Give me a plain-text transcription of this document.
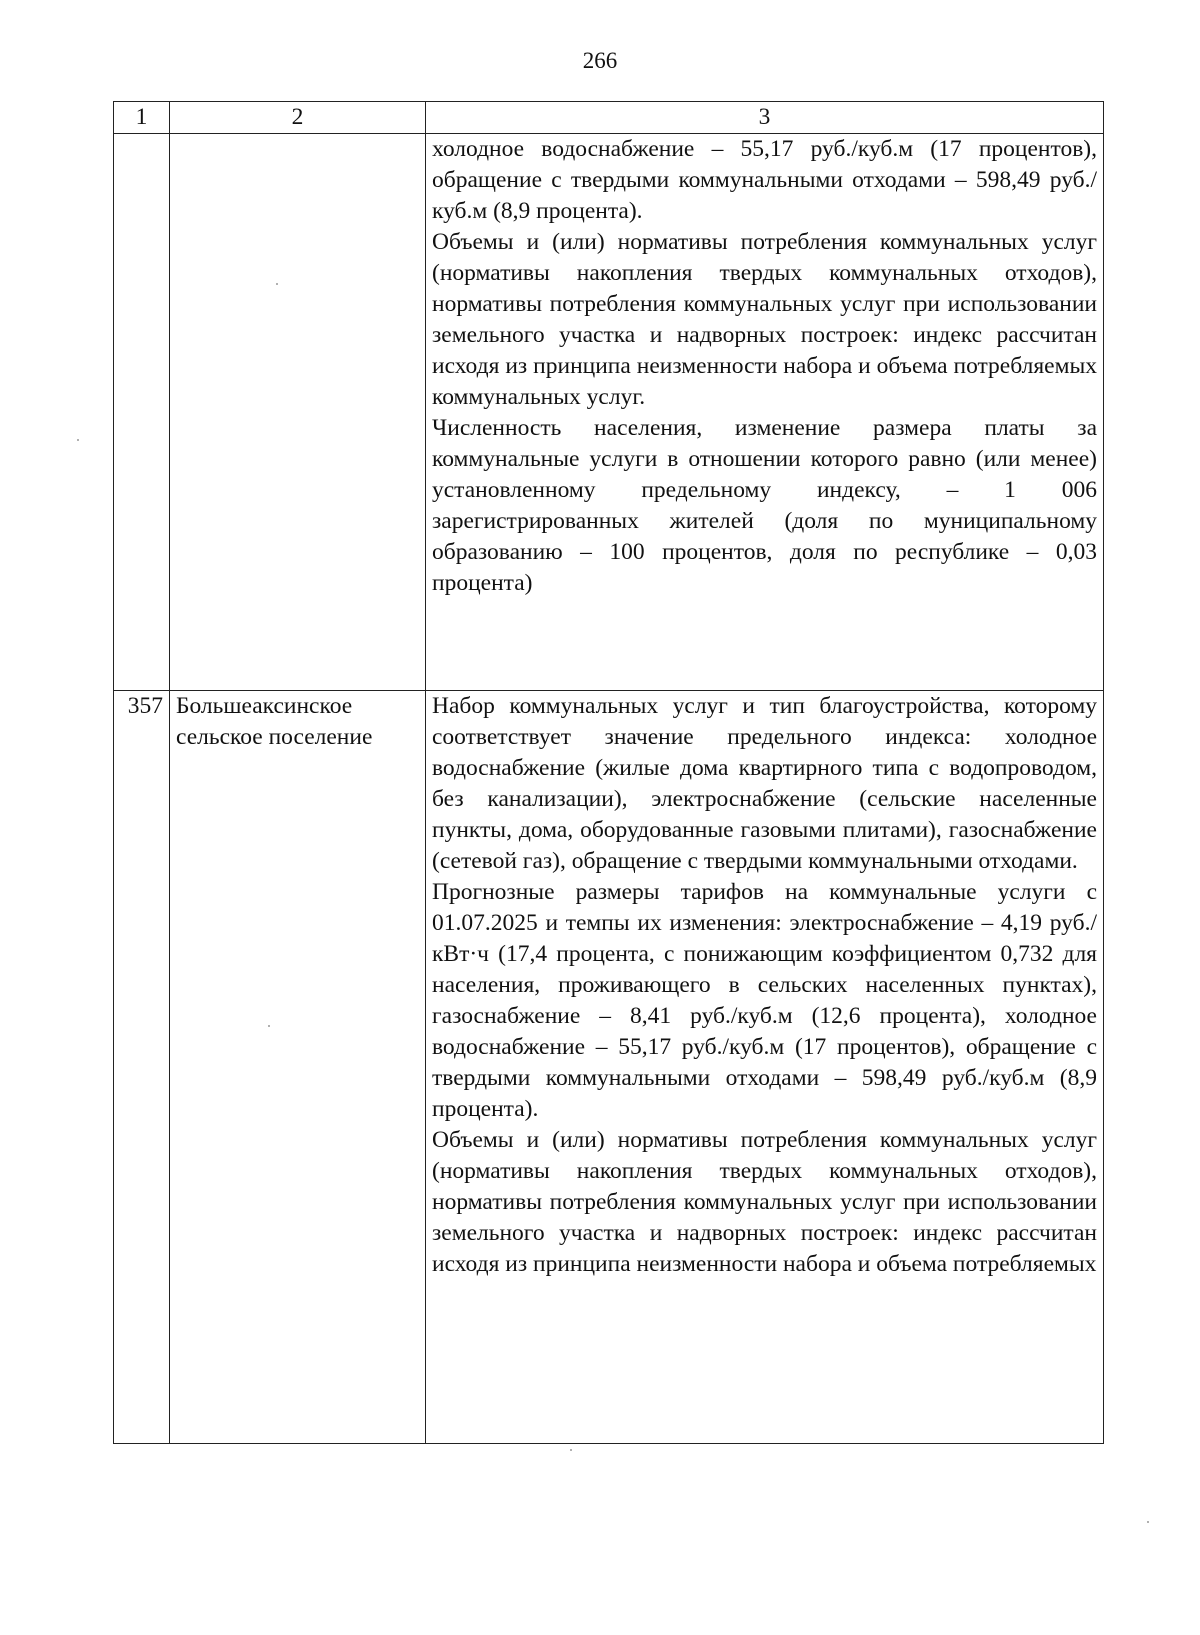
266
1	2	3

		холодное водоснабжение – 55,17 руб./куб.м (17 процентов), обращение с твердыми коммунальными отходами – 598,49 руб./куб.м (8,9 процента).

Объемы и (или) нормативы потребления коммунальных услуг (нормативы накопления твердых коммунальных отходов), нормативы потребления коммунальных услуг при использовании земельного участка и надворных построек: индекс рассчитан исходя из принципа неизменности набора и объема потребляемых коммунальных услуг.

Численность населения, изменение размера платы за коммунальные услуги в отношении которого равно (или менее) установленному предельному индексу, – 1 006 зарегистрированных жителей (доля по муниципальному образованию – 100 процентов, доля по республике – 0,03 процента)

357	Большеаксинское сельское поселение	Набор коммунальных услуг и тип благоустройства, которому соответствует значение предельного индекса: холодное водоснабжение (жилые дома квартирного типа с водопроводом, без канализации), электроснабжение (сельские населенные пункты, дома, оборудованные газовыми плитами), газоснабжение (сетевой газ), обращение с твердыми коммунальными отходами.

Прогнозные размеры тарифов на коммунальные услуги с 01.07.2025 и темпы их изменения: электроснабжение – 4,19 руб./кВт·ч (17,4 процента, с понижающим коэффициентом 0,732 для населения, проживающего в сельских населенных пунктах), газоснабжение – 8,41 руб./куб.м (12,6 процента), холодное водоснабжение – 55,17 руб./куб.м (17 процентов), обращение с твердыми коммунальными отходами – 598,49 руб./куб.м (8,9 процента).

Объемы и (или) нормативы потребления коммунальных услуг (нормативы накопления твердых коммунальных отходов), нормативы потребления коммунальных услуг при использовании земельного участка и надворных построек: индекс рассчитан исходя из принципа неизменности набора и объема потребляемых
